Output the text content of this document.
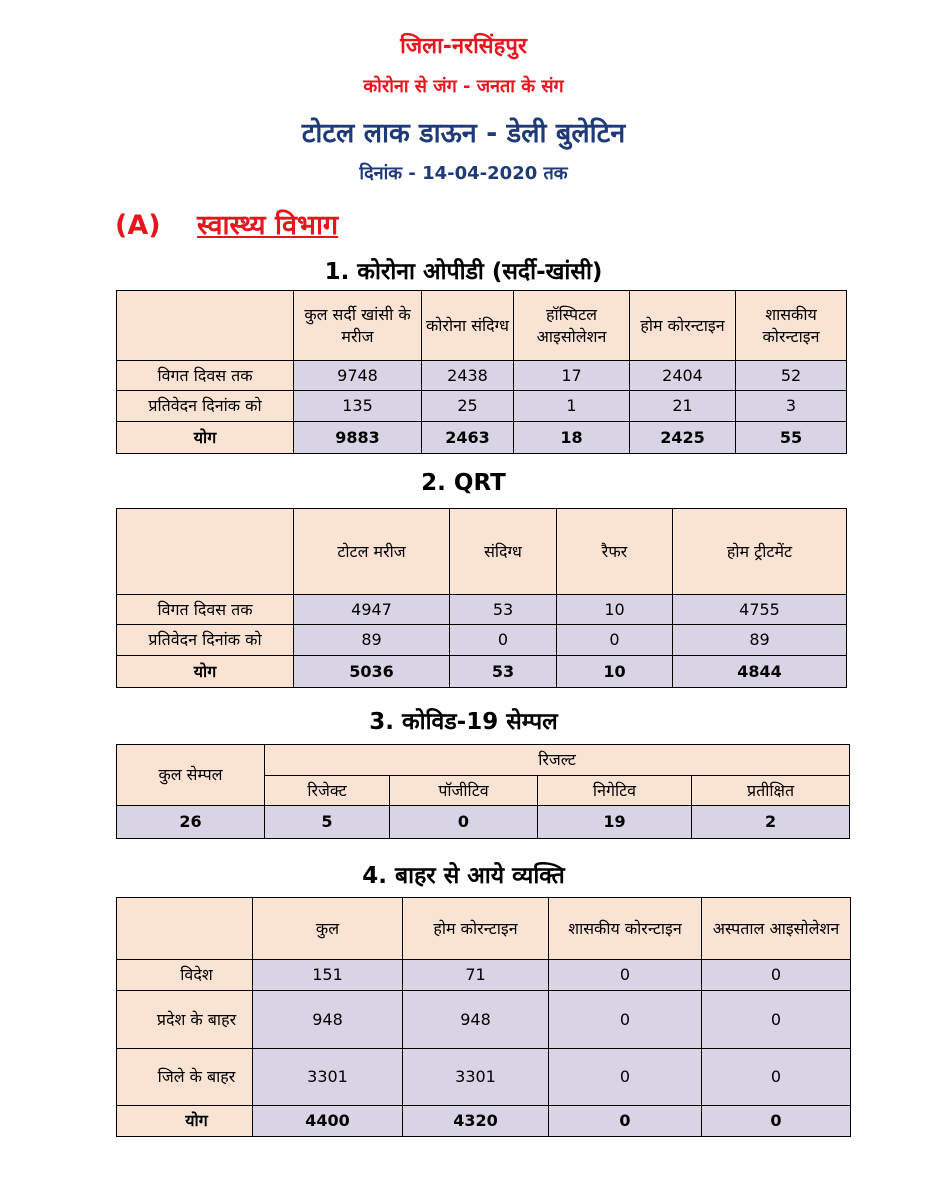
जिला-नरसिंहपुर
कोरोना से जंग - जनता के संग
टोटल लाक डाऊन - डेली बुलेटिन
दिनांक - 14-04-2020 तक
(A) स्वास्थ्य विभाग
1. कोरोना ओपीडी (सर्दी-खांसी)
	कुल सर्दी खांसी के मरीज	कोरोना संदिग्ध	हॉस्पिटल आइसोलेशन	होम कोरन्टाइन	शासकीय कोरन्टाइन
विगत दिवस तक	9748	2438	17	2404	52
प्रतिवेदन दिनांक को	135	25	1	21	3
योग	9883	2463	18	2425	55
2. QRT
	टोटल मरीज	संदिग्ध	रैफर	होम ट्रीटमेंट
विगत दिवस तक	4947	53	10	4755
प्रतिवेदन दिनांक को	89	0	0	89
योग	5036	53	10	4844
3. कोविड-19 सेम्पल
कुल सेम्पल	रिजल्ट			
	रिजेक्ट	पॉजीटिव	निगेटिव	प्रतीक्षित
26	5	0	19	2
4. बाहर से आये व्यक्ति
	कुल	होम कोरन्टाइन	शासकीय कोरन्टाइन	अस्पताल आइसोलेशन
विदेश	151	71	0	0
प्रदेश के बाहर	948	948	0	0
जिले के बाहर	3301	3301	0	0
योग	4400	4320	0	0
